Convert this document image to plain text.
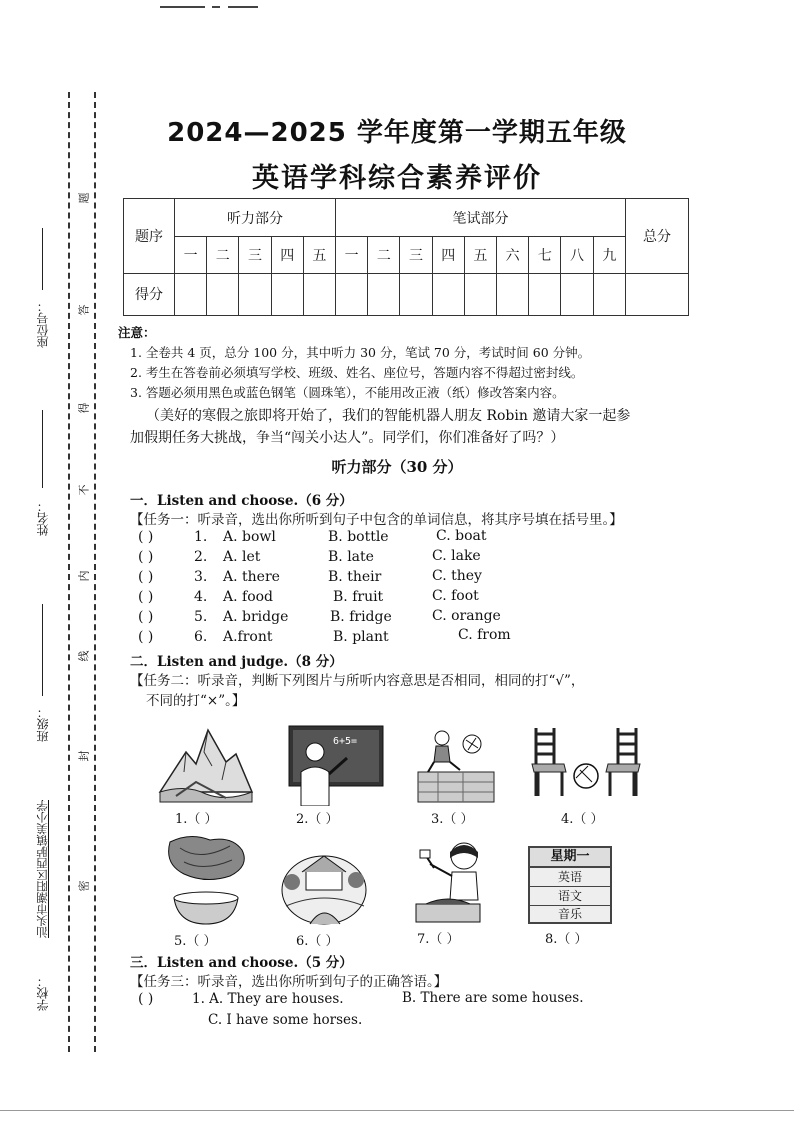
题
答
得
不
内
线
封
密
座位号：
姓名：
班级：
学校：
汕头市潮阳区西胪镇美小学
2024—2025 学年度第一学期五年级
英语学科综合素养评价
题序	听力部分					笔试部分									总分
	一	二	三	四	五	一	二	三	四	五	六	七	八	九	
得分															
注意：
1. 全卷共 4 页，总分 100 分，其中听力 30 分，笔试 70 分，考试时间 60 分钟。
2. 考生在答卷前必须填写学校、班级、姓名、座位号，答题内容不得超过密封线。
3. 答题必须用黑色或蓝色钢笔（圆珠笔），不能用改正液（纸）修改答案内容。
（美好的寒假之旅即将开始了，我们的智能机器人朋友 Robin 邀请大家一起参
加假期任务大挑战，争当“闯关小达人”。同学们，你们准备好了吗？）
听力部分（30 分）
一．Listen and choose.（6 分）
【任务一：听录音，选出你所听到句子中包含的单词信息，将其序号填在括号里。】
( )	1. A. bowl	B. bottle	C. boat
( )	2. A. let	B. late	C. lake
( )	3. A. there	B. their	C. they
( )	4. A. food	B. fruit	C. foot
( )	5. A. bridge	B. fridge	C. orange
( )	6. A.front	B. plant	C. from
二．Listen and judge.（8 分）
【任务二：听录音，判断下列图片与所听内容意思是否相同，相同的打“√”，
不同的打“×”。】
6+5=
1.（ ）	2.（ ）	3.（ ）	4.（ ）
星期一
英语
语文
音乐
5.（ ）	6.（ ）	7.（ ）	8.（ ）
三．Listen and choose.（5 分）
【任务三：听录音，选出你所听到句子的正确答语。】
( )	1. A. They are houses.	B. There are some houses.
C. I have some horses.
